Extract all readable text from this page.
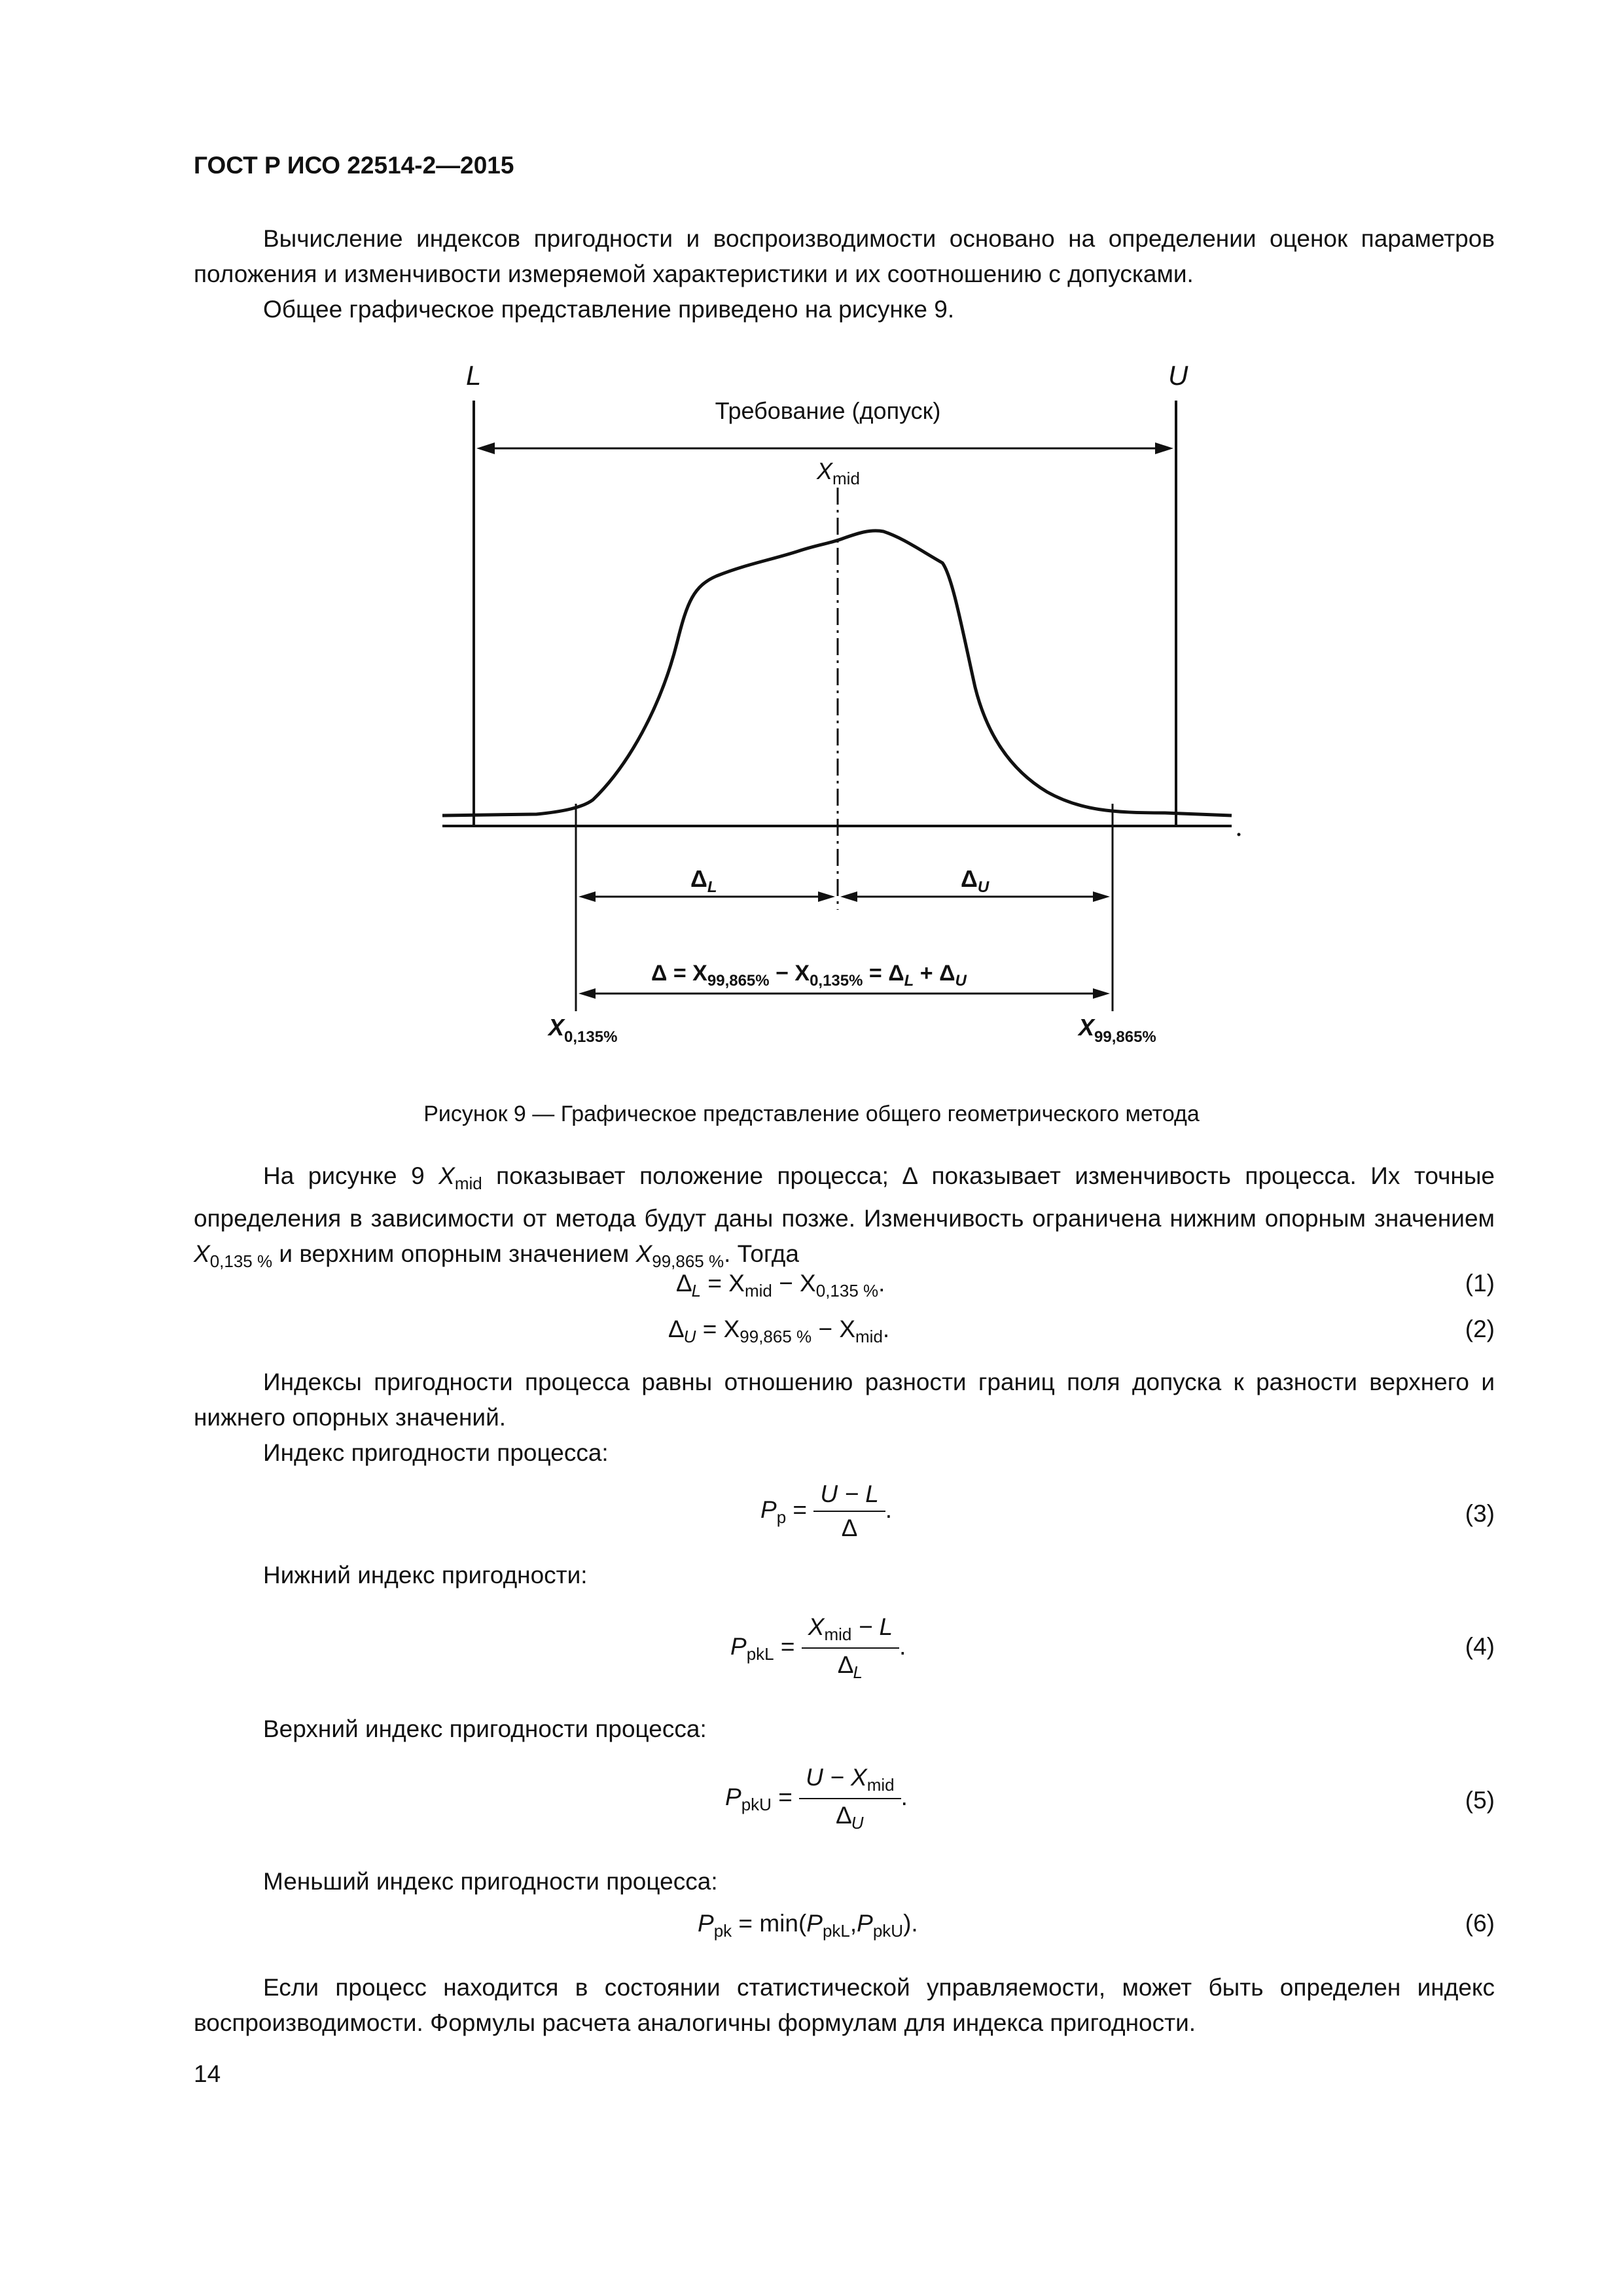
ГОСТ Р ИСО 22514-2—2015

Вычисление индексов пригодности и воспроизводимости основано на определении оценок параметров положения и изменчивости измеряемой характеристики и их соотношению с допусками.

Общее графическое представление приведено на рисунке 9.

L	U
Требование (допуск)
$X_{mid}$
$\Delta_L$	$\Delta_U$
$\Delta = X_{99,865\%} - X_{0,135\%} = \Delta_L + \Delta_U$
$X_{0,135\%}$	$X_{99,865\%}$
Рисунок 9 — Графическое представление общего геометрического метода

На рисунке 9 $X_{mid}$ показывает положение процесса; ∆ показывает изменчивость процесса. Их точные определения в зависимости от метода будут даны позже. Изменчивость ограничена нижним опорным значением $X_{0,135 \%}$ и верхним опорным значением $X_{99,865 \%}$. Тогда

$\Delta_L = X_{mid} - X_{0,135 \%}$.	(1)
$\Delta_U = X_{99,865 \%} - X_{mid}$.	(2)

Индексы пригодности процесса равны отношению разности границ поля допуска к разности верхнего и нижнего опорных значений.

Индекс пригодности процесса:

$P_p = \frac{U - L}{\Delta}$ .	(3)

Нижний индекс пригодности:

$P_{pkL} = \frac{X_{mid} - L}{\Delta_L}$ .	(4)

Верхний индекс пригодности процесса:

$P_{pkU} = \frac{U - X_{mid}}{\Delta_U}$ .	(5)

Меньший индекс пригодности процесса:

$P_{pk} = \min(P_{pkL},P_{pkU})$.	(6)

Если процесс находится в состоянии статистической управляемости, может быть определен индекс воспроизводимости. Формулы расчета аналогичны формулам для индекса пригодности.

14
